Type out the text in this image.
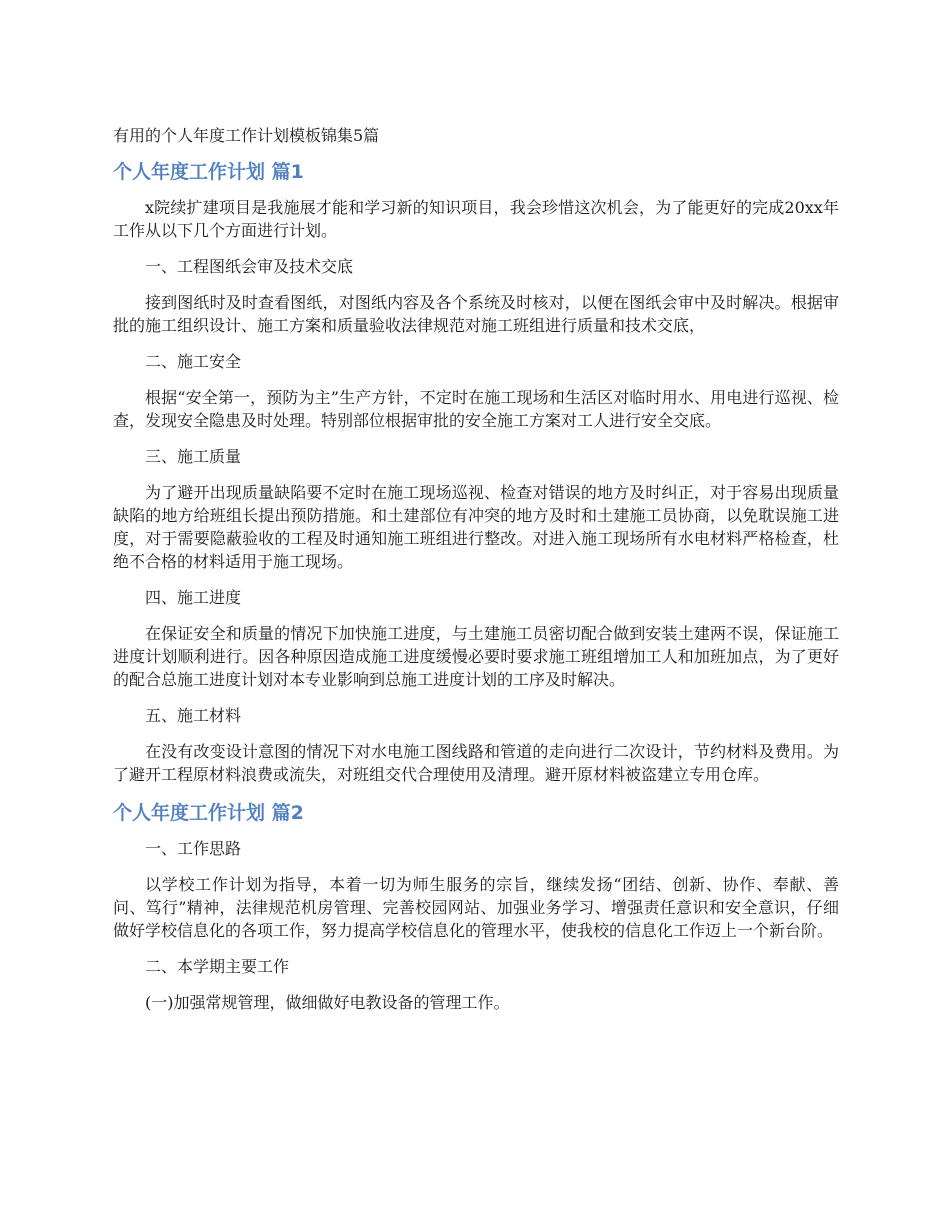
有用的个人年度工作计划模板锦集5篇
个人年度工作计划 篇1

x院续扩建项目是我施展才能和学习新的知识项目，我会珍惜这次机会，为了能更好的完成20xx年工作从以下几个方面进行计划。

一、工程图纸会审及技术交底

接到图纸时及时查看图纸，对图纸内容及各个系统及时核对，以便在图纸会审中及时解决。根据审批的施工组织设计、施工方案和质量验收法律规范对施工班组进行质量和技术交底，

二、施工安全

根据“安全第一，预防为主”生产方针，不定时在施工现场和生活区对临时用水、用电进行巡视、检查，发现安全隐患及时处理。特别部位根据审批的安全施工方案对工人进行安全交底。

三、施工质量

为了避开出现质量缺陷要不定时在施工现场巡视、检查对错误的地方及时纠正，对于容易出现质量缺陷的地方给班组长提出预防措施。和土建部位有冲突的地方及时和土建施工员协商，以免耽误施工进度，对于需要隐蔽验收的工程及时通知施工班组进行整改。对进入施工现场所有水电材料严格检查，杜绝不合格的材料适用于施工现场。

四、施工进度

在保证安全和质量的情况下加快施工进度，与土建施工员密切配合做到安装土建两不误，保证施工进度计划顺利进行。因各种原因造成施工进度缓慢必要时要求施工班组增加工人和加班加点，为了更好的配合总施工进度计划对本专业影响到总施工进度计划的工序及时解决。

五、施工材料

在没有改变设计意图的情况下对水电施工图线路和管道的走向进行二次设计，节约材料及费用。为了避开工程原材料浪费或流失，对班组交代合理使用及清理。避开原材料被盗建立专用仓库。

个人年度工作计划 篇2

一、工作思路

以学校工作计划为指导，本着一切为师生服务的宗旨，继续发扬“团结、创新、协作、奉献、善问、笃行”精神，法律规范机房管理、完善校园网站、加强业务学习、增强责任意识和安全意识，仔细做好学校信息化的各项工作，努力提高学校信息化的管理水平，使我校的信息化工作迈上一个新台阶。

二、本学期主要工作

(一)加强常规管理，做细做好电教设备的管理工作。
